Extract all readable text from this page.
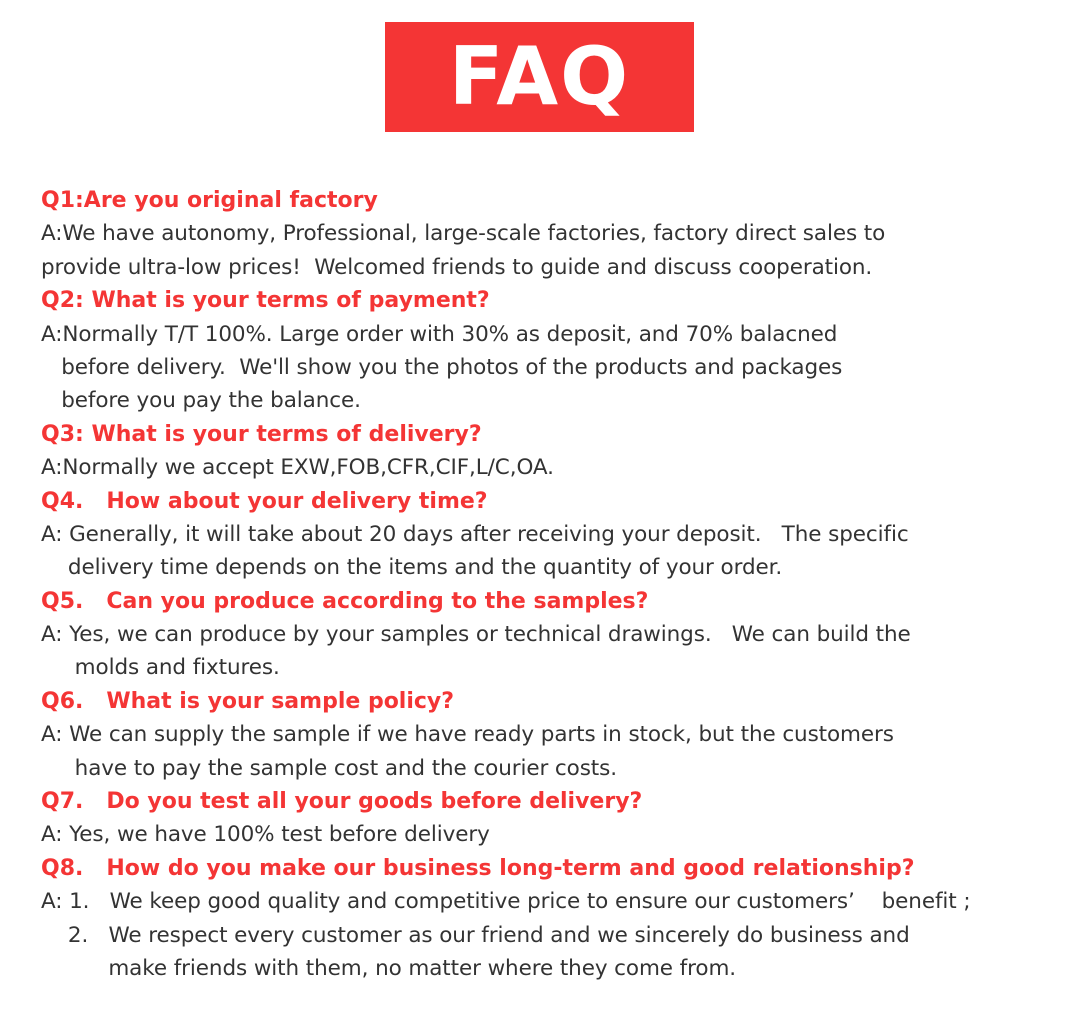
FAQ
Q1:Are you original factory
A:We have autonomy, Professional, large-scale factories, factory direct sales to
provide ultra-low prices!  Welcomed friends to guide and discuss cooperation.
Q2: What is your terms of payment?
A:Normally T/T 100%. Large order with 30% as deposit, and 70% balacned
before delivery.  We'll show you the photos of the products and packages
before you pay the balance.
Q3: What is your terms of delivery?
A:Normally we accept EXW,FOB,CFR,CIF,L/C,OA.
Q4.   How about your delivery time?
A: Generally, it will take about 20 days after receiving your deposit.   The specific
delivery time depends on the items and the quantity of your order.
Q5.   Can you produce according to the samples?
A: Yes, we can produce by your samples or technical drawings.   We can build the
molds and fixtures.
Q6.   What is your sample policy?
A: We can supply the sample if we have ready parts in stock, but the customers
have to pay the sample cost and the courier costs.
Q7.   Do you test all your goods before delivery?
A: Yes, we have 100% test before delivery
Q8.   How do you make our business long-term and good relationship?
A: 1.   We keep good quality and competitive price to ensure our customers’    benefit ;
2.   We respect every customer as our friend and we sincerely do business and
make friends with them, no matter where they come from.
